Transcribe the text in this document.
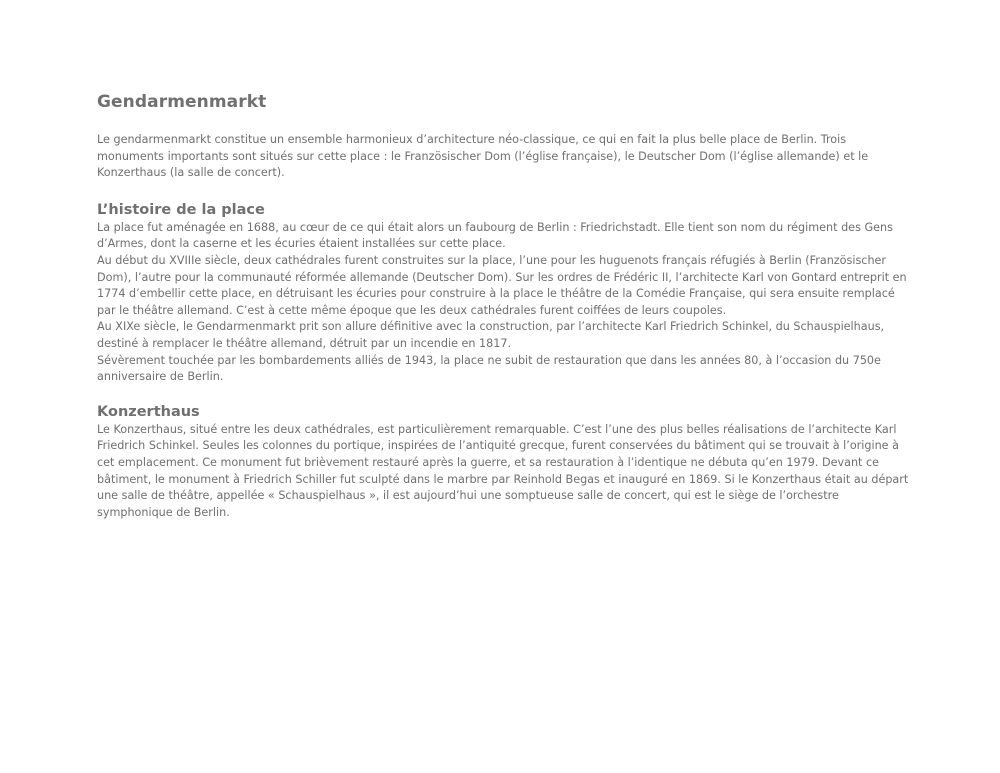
Gendarmenmarkt

Le gendarmenmarkt constitue un ensemble harmonieux d’architecture néo-classique, ce qui en fait la plus belle place de Berlin. Trois monuments importants sont situés sur cette place : le Französischer Dom (l’église française), le Deutscher Dom (l’église allemande) et le Konzerthaus (la salle de concert).

L’histoire de la place

La place fut aménagée en 1688, au cœur de ce qui était alors un faubourg de Berlin : Friedrichstadt. Elle tient son nom du régiment des Gens d’Armes, dont la caserne et les écuries étaient installées sur cette place.

Au début du XVIIIe siècle, deux cathédrales furent construites sur la place, l’une pour les huguenots français réfugiés à Berlin (Französischer Dom), l’autre pour la communauté réformée allemande (Deutscher Dom). Sur les ordres de Frédéric II, l’architecte Karl von Gontard entreprit en 1774 d’embellir cette place, en détruisant les écuries pour construire à la place le théâtre de la Comédie Française, qui sera ensuite remplacé par le théâtre allemand. C’est à cette même époque que les deux cathédrales furent coiffées de leurs coupoles.

Au XIXe siècle, le Gendarmenmarkt prit son allure définitive avec la construction, par l’architecte Karl Friedrich Schinkel, du Schauspielhaus, destiné à remplacer le théâtre allemand, détruit par un incendie en 1817.

Sévèrement touchée par les bombardements alliés de 1943, la place ne subit de restauration que dans les années 80, à l’occasion du 750e anniversaire de Berlin.

Konzerthaus

Le Konzerthaus, situé entre les deux cathédrales, est particulièrement remarquable. C’est l’une des plus belles réalisations de l’architecte Karl Friedrich Schinkel. Seules les colonnes du portique, inspirées de l’antiquité grecque, furent conservées du bâtiment qui se trouvait à l’origine à cet emplacement. Ce monument fut brièvement restauré après la guerre, et sa restauration à l’identique ne débuta qu’en 1979. Devant ce bâtiment, le monument à Friedrich Schiller fut sculpté dans le marbre par Reinhold Begas et inauguré en 1869. Si le Konzerthaus était au départ une salle de théâtre, appellée « Schauspielhaus », il est aujourd’hui une somptueuse salle de concert, qui est le siège de l’orchestre symphonique de Berlin.
